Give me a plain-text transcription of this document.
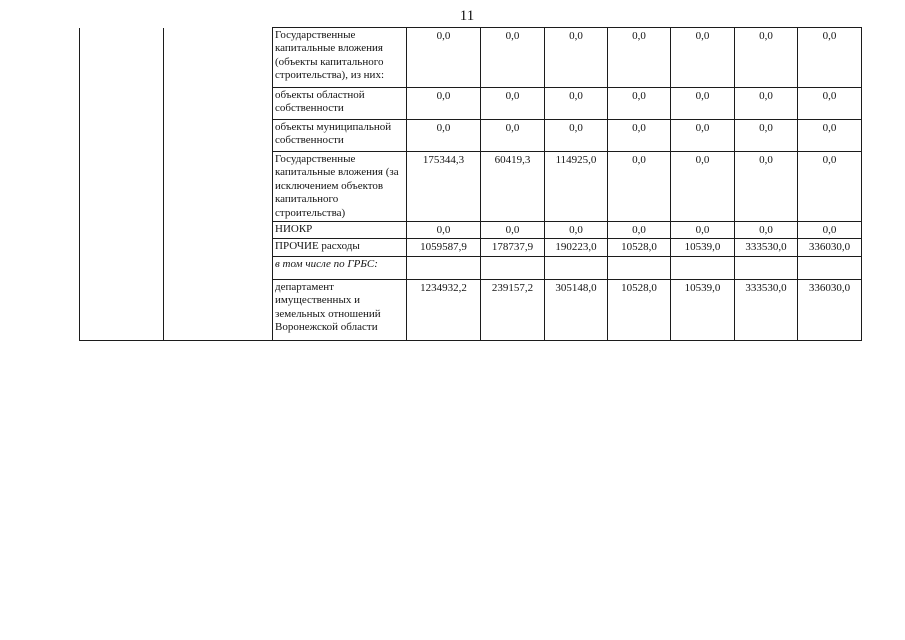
11
		Государственные
капитальные вложения
(объекты капитального
строительства), из них:	0,0	0,0	0,0	0,0	0,0	0,0	0,0
		объекты областной
собственности	0,0	0,0	0,0	0,0	0,0	0,0	0,0
		объекты муниципальной
собственности	0,0	0,0	0,0	0,0	0,0	0,0	0,0
		Государственные
капитальные вложения (за
исключением объектов
капитального
строительства)	175344,3	60419,3	114925,0	0,0	0,0	0,0	0,0
		НИОКР	0,0	0,0	0,0	0,0	0,0	0,0	0,0
		ПРОЧИЕ расходы	1059587,9	178737,9	190223,0	10528,0	10539,0	333530,0	336030,0
		в том числе по ГРБС:							
		департамент
имущественных и
земельных отношений
Воронежской области	1234932,2	239157,2	305148,0	10528,0	10539,0	333530,0	336030,0
